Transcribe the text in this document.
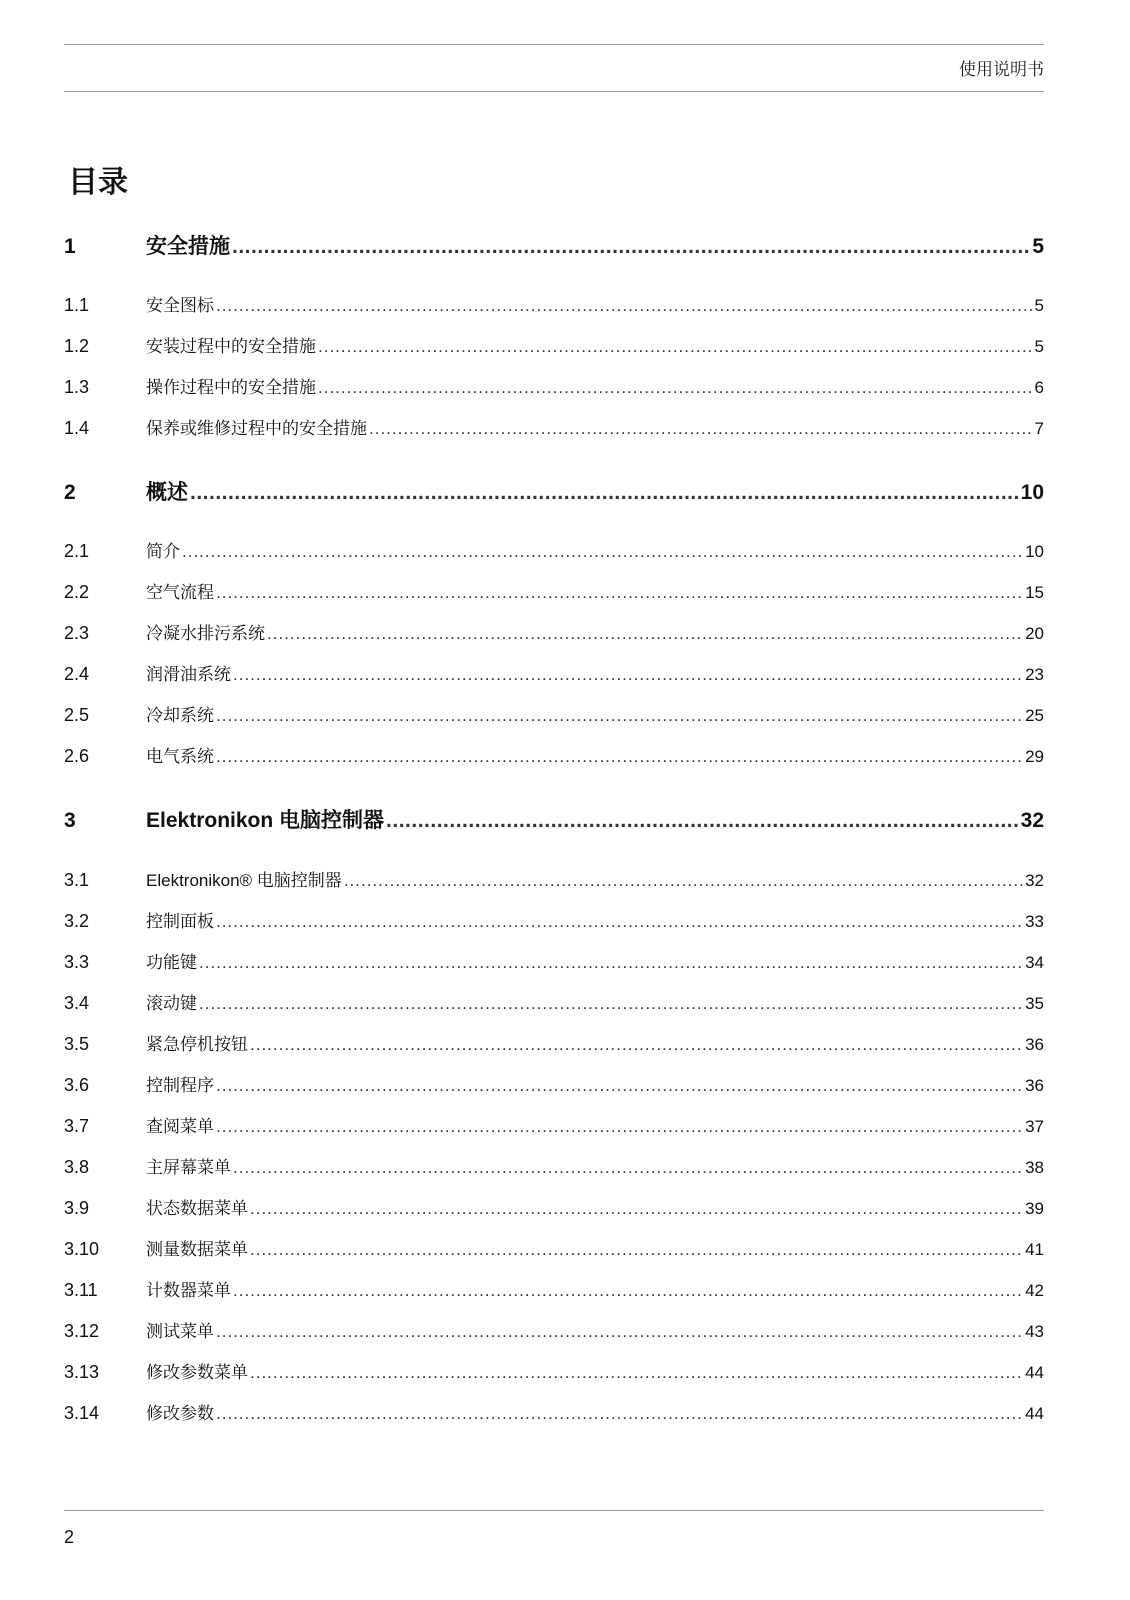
使用说明书
目录
1	安全措施 .....	5
1.1	安全图标 .....	5
1.2	安装过程中的安全措施 .....	5
1.3	操作过程中的安全措施 .....	6
1.4	保养或维修过程中的安全措施 .....	7
2	概述 .....	10
2.1	简介 .....	10
2.2	空气流程 .....	15
2.3	冷凝水排污系统 .....	20
2.4	润滑油系统 .....	23
2.5	冷却系统 .....	25
2.6	电气系统 .....	29
3	Elektronikon 电脑控制器 .....	32
3.1	Elektronikon® 电脑控制器 .....	32
3.2	控制面板 .....	33
3.3	功能键 .....	34
3.4	滚动键 .....	35
3.5	紧急停机按钮 .....	36
3.6	控制程序 .....	36
3.7	查阅菜单 .....	37
3.8	主屏幕菜单 .....	38
3.9	状态数据菜单 .....	39
3.10	测量数据菜单 .....	41
3.11	计数器菜单 .....	42
3.12	测试菜单 .....	43
3.13	修改参数菜单 .....	44
3.14	修改参数 .....	44
2
